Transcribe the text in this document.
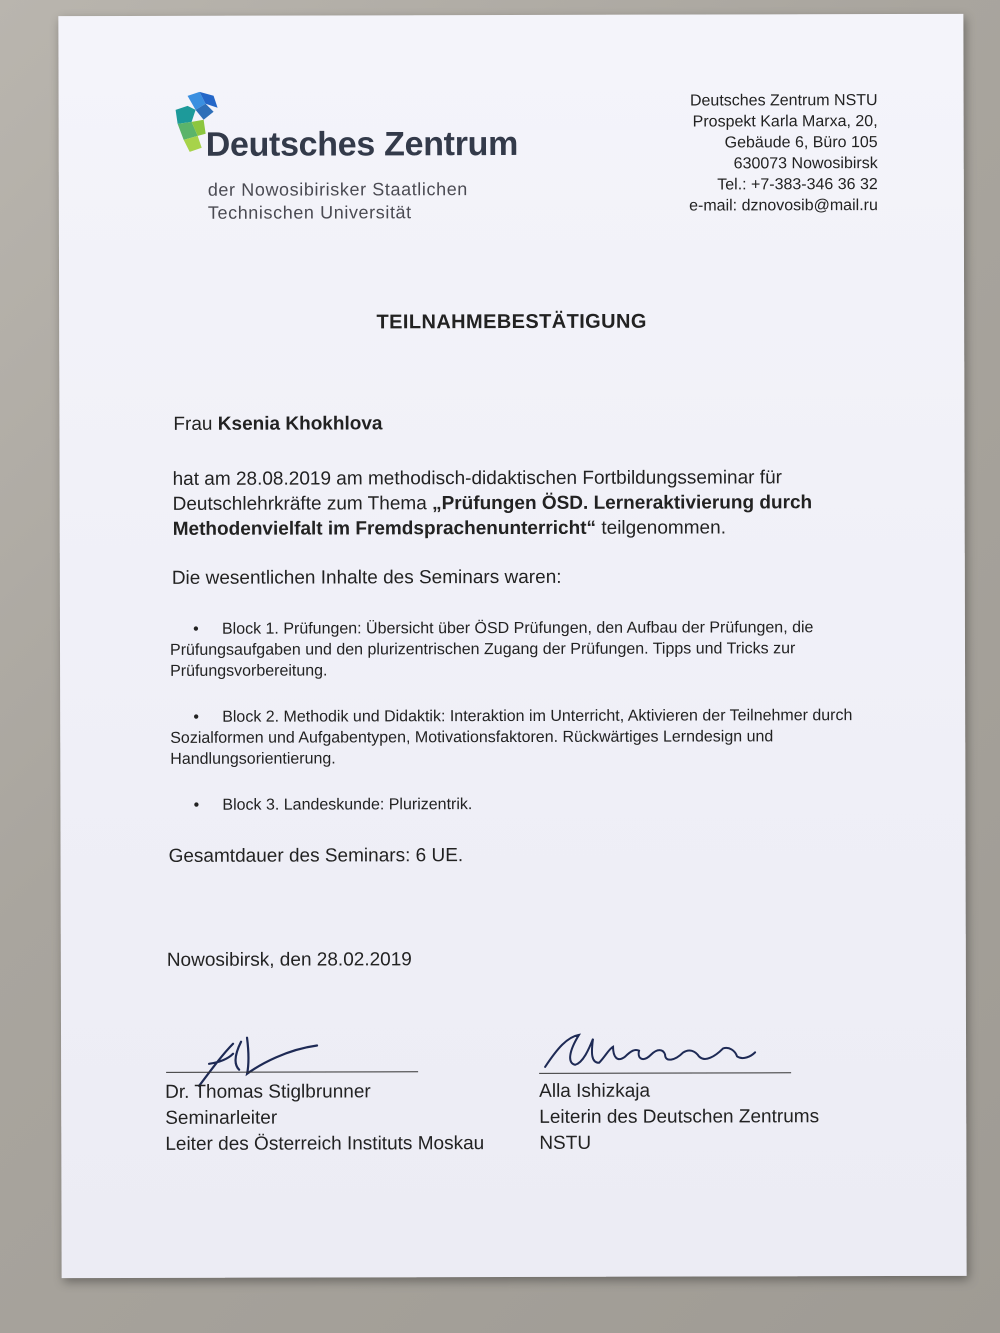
Deutsches Zentrum
der Nowosibirisker Staatlichen
Technischen Universität
Deutsches Zentrum NSTU
Prospekt Karla Marxa, 20,
Gebäude 6, Büro 105
630073 Nowosibirsk
Tel.: +7-383-346 36 32
e-mail: dznovosib@mail.ru
TEILNAHMEBESTÄTIGUNG
Frau Ksenia Khokhlova
hat am 28.08.2019 am methodisch-didaktischen Fortbildungsseminar für Deutschlehrkräfte zum Thema „Prüfungen ÖSD. Lerneraktivierung durch Methodenvielfalt im Fremdsprachenunterricht“ teilgenommen.
Die wesentlichen Inhalte des Seminars waren:
• Block 1. Prüfungen: Übersicht über ÖSD Prüfungen, den Aufbau der Prüfungen, die Prüfungsaufgaben und den plurizentrischen Zugang der Prüfungen. Tipps und Tricks zur Prüfungsvorbereitung.
• Block 2. Methodik und Didaktik: Interaktion im Unterricht, Aktivieren der Teilnehmer durch Sozialformen und Aufgabentypen, Motivationsfaktoren. Rückwärtiges Lerndesign und Handlungsorientierung.
• Block 3. Landeskunde: Plurizentrik.
Gesamtdauer des Seminars: 6 UE.
Nowosibirsk, den 28.02.2019
Dr. Thomas Stiglbrunner
Seminarleiter
Leiter des Österreich Instituts Moskau
Alla Ishizkaja
Leiterin des Deutschen Zentrums
NSTU
